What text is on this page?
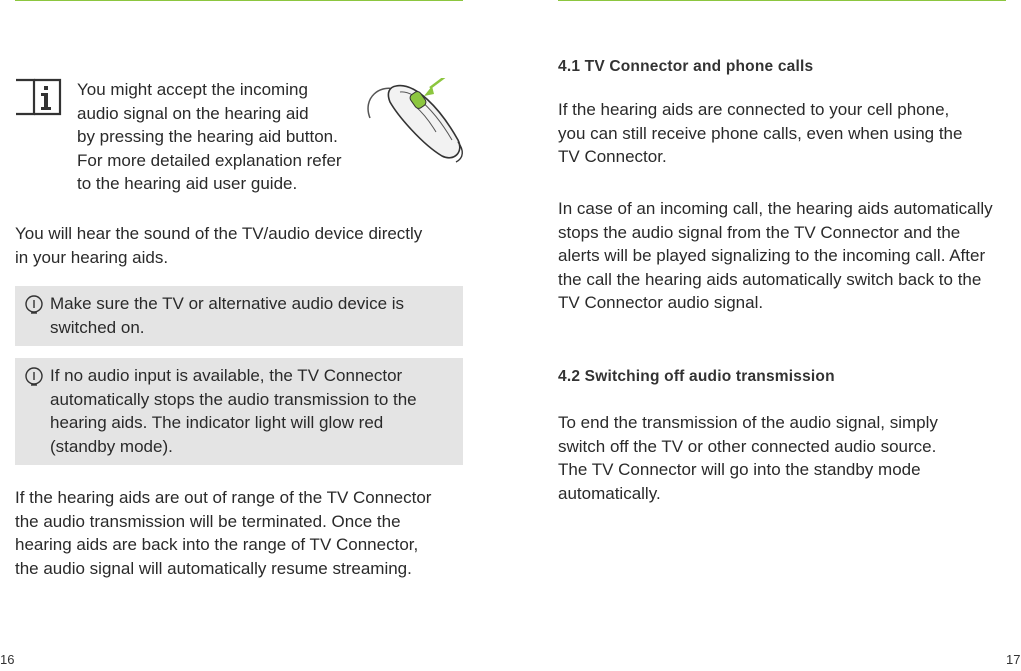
You might accept the incoming
audio signal on the hearing aid
by pressing the hearing aid button.
For more detailed explanation refer
to the hearing aid user guide.

You will hear the sound of the TV/audio device directly
in your hearing aids.

Make sure the TV or alternative audio device is
switched on.

If no audio input is available, the TV Connector
automatically stops the audio transmission to the
hearing aids. The indicator light will glow red
(standby mode).

If the hearing aids are out of range of the TV Connector
the audio transmission will be terminated. Once the
hearing aids are back into the range of TV Connector,
the audio signal will automatically resume streaming.

16

4.1 TV Connector and phone calls

If the hearing aids are connected to your cell phone,
you can still receive phone calls, even when using the
TV Connector.

In case of an incoming call, the hearing aids automatically
stops the audio signal from the TV Connector and the
alerts will be played signalizing to the incoming call. After
the call the hearing aids automatically switch back to the
TV Connector audio signal.

4.2 Switching off audio transmission

To end the transmission of the audio signal, simply
switch off the TV or other connected audio source.
The TV Connector will go into the standby mode
automatically.

17
